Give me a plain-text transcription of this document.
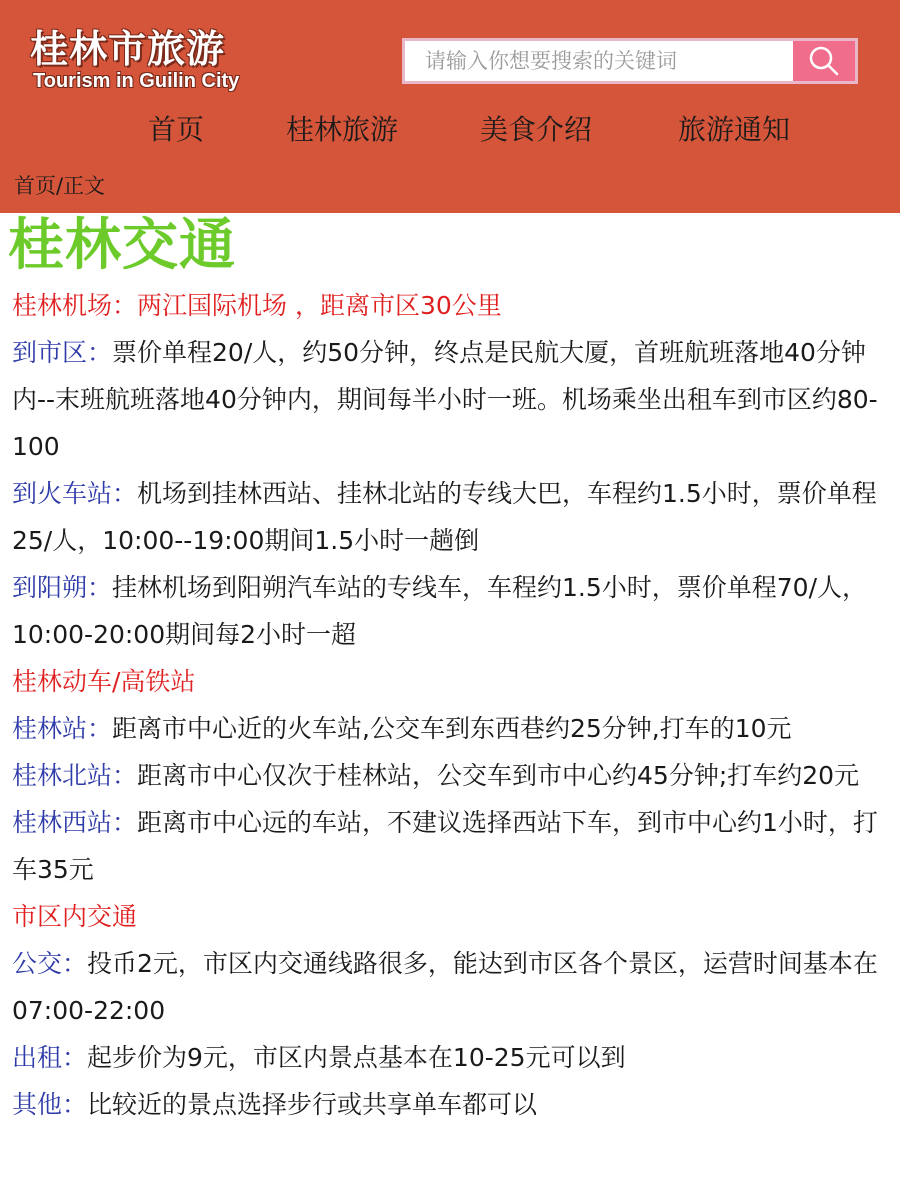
桂林市旅游
Tourism in Guilin City
请输入你想要搜索的关键词
首页	桂林旅游	美食介绍	旅游通知
首页/正文
桂林交通
桂林机场：两江国际机场 ，距离市区30公里
到市区：票价单程20/人，约50分钟，终点是民航大厦，首班航班落地40分钟内--末班航班落地40分钟内，期间每半小时一班。机场乘坐出租车到市区约80-100
到火车站：机场到挂林西站、挂林北站的专线大巴，车程约1.5小时，票价单程25/人，10:00--19:00期间1.5小时一趟倒
到阳朔：挂林机场到阳朔汽车站的专线车，车程约1.5小时，票价单程70/人，10:00-20:00期间每2小时一超
桂林动车/高铁站
桂林站：距离市中心近的火车站,公交车到东西巷约25分钟,打车的10元
桂林北站：距离市中心仅次于桂林站，公交车到市中心约45分钟;打车约20元
桂林西站：距离市中心远的车站，不建议选择西站下车，到市中心约1小时，打车35元
市区内交通
公交：投币2元，市区内交通线路很多，能达到市区各个景区，运营时间基本在07:00-22:00
出租：起步价为9元，市区内景点基本在10-25元可以到
其他：比较近的景点选择步行或共享单车都可以
